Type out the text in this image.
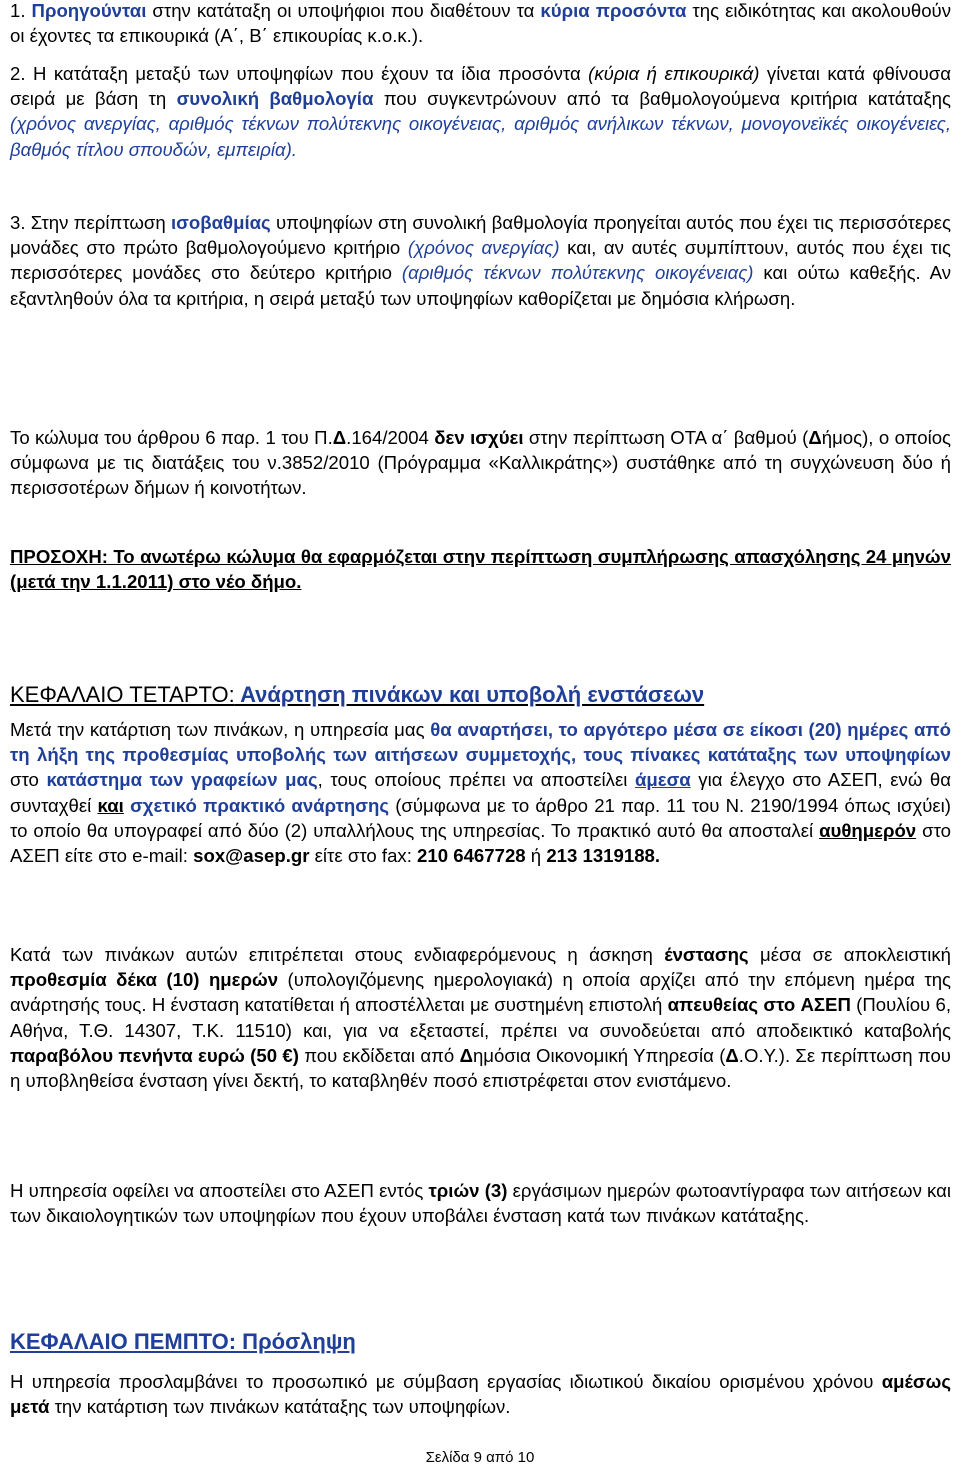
1. Προηγούνται στην κατάταξη οι υποψήφιοι που διαθέτουν τα κύρια προσόντα της ειδικότητας και ακολουθούν οι έχοντες τα επικουρικά (Α΄, Β΄ επικουρίας κ.ο.κ.).

2. Η κατάταξη μεταξύ των υποψηφίων που έχουν τα ίδια προσόντα (κύρια ή επικουρικά) γίνεται κατά φθίνουσα σειρά με βάση τη συνολική βαθμολογία που συγκεντρώνουν από τα βαθμολογούμενα κριτήρια κατάταξης (χρόνος ανεργίας, αριθμός τέκνων πολύτεκνης οικογένειας, αριθμός ανήλικων τέκνων, μονογονεϊκές οικογένειες, βαθμός τίτλου σπουδών, εμπειρία).

3. Στην περίπτωση ισοβαθμίας υποψηφίων στη συνολική βαθμολογία προηγείται αυτός που έχει τις περισσότερες μονάδες στο πρώτο βαθμολογούμενο κριτήριο (χρόνος ανεργίας) και, αν αυτές συμπίπτουν, αυτός που έχει τις περισσότερες μονάδες στο δεύτερο κριτήριο (αριθμός τέκνων πολύτεκνης οικογένειας) και ούτω καθεξής. Αν εξαντληθούν όλα τα κριτήρια, η σειρά μεταξύ των υποψηφίων καθορίζεται με δημόσια κλήρωση.

Το κώλυμα του άρθρου 6 παρ. 1 του Π.Δ.164/2004 δεν ισχύει στην περίπτωση ΟΤΑ α΄ βαθμού (Δήμος), ο οποίος σύμφωνα με τις διατάξεις του ν.3852/2010 (Πρόγραμμα «Καλλικράτης») συστάθηκε από τη συγχώνευση δύο ή περισσοτέρων δήμων ή κοινοτήτων.

ΠΡΟΣΟΧΗ: Το ανωτέρω κώλυμα θα εφαρμόζεται στην περίπτωση συμπλήρωσης απασχόλησης 24 μηνών (μετά την 1.1.2011) στο νέο δήμο.

ΚΕΦΑΛΑΙΟ ΤΕΤΑΡΤΟ: Ανάρτηση πινάκων και υποβολή ενστάσεων

Μετά την κατάρτιση των πινάκων, η υπηρεσία μας θα αναρτήσει, το αργότερο μέσα σε είκοσι (20) ημέρες από τη λήξη της προθεσμίας υποβολής των αιτήσεων συμμετοχής, τους πίνακες κατάταξης των υποψηφίων στο κατάστημα των γραφείων μας, τους οποίους πρέπει να αποστείλει άμεσα για έλεγχο στο ΑΣΕΠ, ενώ θα συνταχθεί και σχετικό πρακτικό ανάρτησης (σύμφωνα με το άρθρο 21 παρ. 11 του Ν. 2190/1994 όπως ισχύει) το οποίο θα υπογραφεί από δύο (2) υπαλλήλους της υπηρεσίας. Το πρακτικό αυτό θα αποσταλεί αυθημερόν στο ΑΣΕΠ είτε στο e-mail: sox@asep.gr είτε στο fax: 210 6467728 ή 213 1319188.

Κατά των πινάκων αυτών επιτρέπεται στους ενδιαφερόμενους η άσκηση ένστασης μέσα σε αποκλειστική προθεσμία δέκα (10) ημερών (υπολογιζόμενης ημερολογιακά) η οποία αρχίζει από την επόμενη ημέρα της ανάρτησής τους. Η ένσταση κατατίθεται ή αποστέλλεται με συστημένη επιστολή απευθείας στο ΑΣΕΠ (Πουλίου 6, Αθήνα, Τ.Θ. 14307, Τ.Κ. 11510) και, για να εξεταστεί, πρέπει να συνοδεύεται από αποδεικτικό καταβολής παραβόλου πενήντα ευρώ (50 €) που εκδίδεται από Δημόσια Οικονομική Υπηρεσία (Δ.Ο.Υ.). Σε περίπτωση που η υποβληθείσα ένσταση γίνει δεκτή, το καταβληθέν ποσό επιστρέφεται στον ενιστάμενο.

Η υπηρεσία οφείλει να αποστείλει στο ΑΣΕΠ εντός τριών (3) εργάσιμων ημερών φωτοαντίγραφα των αιτήσεων και των δικαιολογητικών των υποψηφίων που έχουν υποβάλει ένσταση κατά των πινάκων κατάταξης.

ΚΕΦΑΛΑΙΟ ΠΕΜΠΤΟ: Πρόσληψη

Η υπηρεσία προσλαμβάνει το προσωπικό με σύμβαση εργασίας ιδιωτικού δικαίου ορισμένου χρόνου αμέσως μετά την κατάρτιση των πινάκων κατάταξης των υποψηφίων.

Σελίδα 9 από 10
